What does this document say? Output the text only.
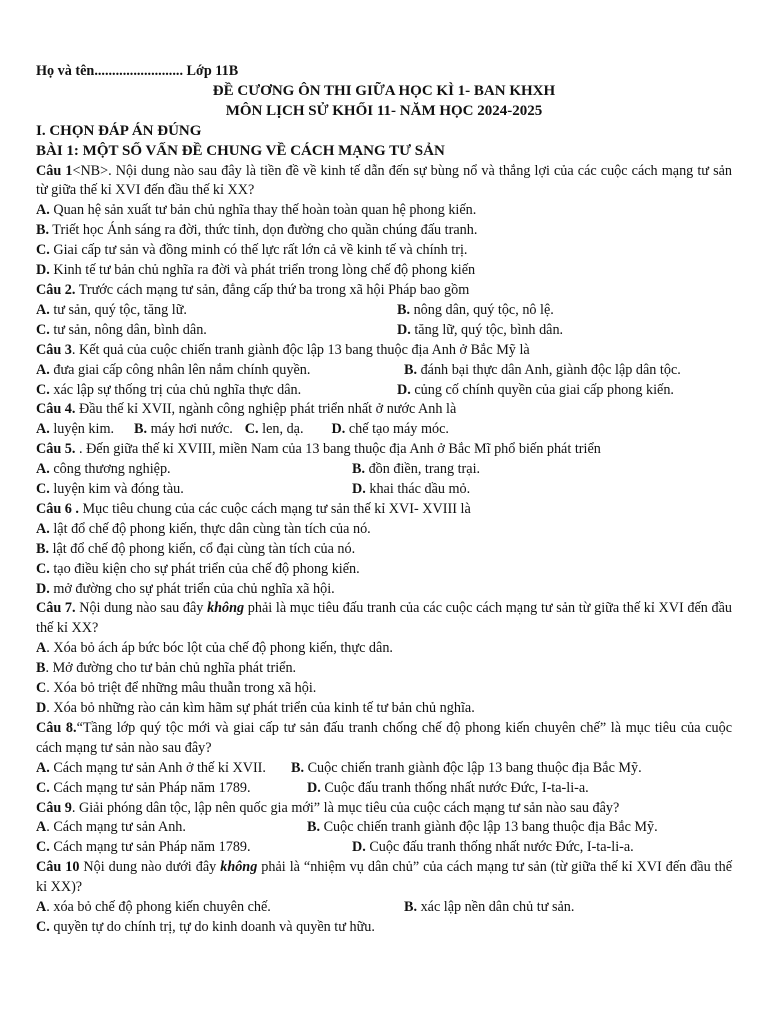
Họ và tên......................... Lớp 11B
ĐỀ CƯƠNG ÔN THI GIỮA HỌC KÌ 1- BAN KHXH
MÔN LỊCH SỬ KHỐI 11- NĂM HỌC 2024-2025
I. CHỌN ĐÁP ÁN ĐÚNG
BÀI 1: MỘT SỐ VẤN ĐỀ CHUNG VỀ CÁCH MẠNG TƯ SẢN
Câu 1<NB>. Nội dung nào sau đây là tiền đề về kinh tế dẫn đến sự bùng nổ và thắng lợi của các cuộc cách mạng tư sản từ giữa thế kỉ XVI đến đầu thế kỉ XX?
A. Quan hệ sản xuất tư bản chủ nghĩa thay thế hoàn toàn quan hệ phong kiến.
B. Triết học Ánh sáng ra đời, thức tỉnh, dọn đường cho quần chúng đấu tranh.
C. Giai cấp tư sản và đồng minh có thế lực rất lớn cả về kinh tế và chính trị.
D. Kinh tế tư bản chủ nghĩa ra đời và phát triển trong lòng chế độ phong kiến
Câu 2. Trước cách mạng tư sản, đẳng cấp thứ ba trong xã hội Pháp bao gồm
A. tư sản, quý tộc, tăng lữ.	B. nông dân, quý tộc, nô lệ.
C. tư sản, nông dân, bình dân.	D. tăng lữ, quý tộc, bình dân.
Câu 3. Kết quả của cuộc chiến tranh giành độc lập 13 bang thuộc địa Anh ở Bắc Mỹ là
A. đưa giai cấp công nhân lên nắm chính quyền.	B. đánh bại thực dân Anh, giành độc lập dân tộc.
C. xác lập sự thống trị của chủ nghĩa thực dân.	D. củng cố chính quyền của giai cấp phong kiến.
Câu 4. Đầu thế kỉ XVII, ngành công nghiệp phát triển nhất ở nước Anh là
A. luyện kim. B. máy hơi nước. C. len, dạ. D. chế tạo máy móc.
Câu 5. . Đến giữa thế kỉ XVIII, miền Nam của 13 bang thuộc địa Anh ở Bắc Mĩ phổ biến phát triển
A. công thương nghiệp.	B. đồn điền, trang trại.
C. luyện kim và đóng tàu.	D. khai thác dầu mỏ.
Câu 6 . Mục tiêu chung của các cuộc cách mạng tư sản thế kỉ XVI- XVIII là
A. lật đổ chế độ phong kiến, thực dân cùng tàn tích của nó.
B. lật đổ chế độ phong kiến, cổ đại cùng tàn tích của nó.
C. tạo điều kiện cho sự phát triển của chế độ phong kiến.
D. mở đường cho sự phát triển của chủ nghĩa xã hội.
Câu 7. Nội dung nào sau đây không phải là mục tiêu đấu tranh của các cuộc cách mạng tư sản từ giữa thế kỉ XVI đến đầu thế kỉ XX?
A. Xóa bỏ ách áp bức bóc lột của chế độ phong kiến, thực dân.
B. Mở đường cho tư bản chủ nghĩa phát triển.
C. Xóa bỏ triệt để những mâu thuẫn trong xã hội.
D. Xóa bỏ những rào cản kìm hãm sự phát triển của kinh tế tư bản chủ nghĩa.
Câu 8.“Tầng lớp quý tộc mới và giai cấp tư sản đấu tranh chống chế độ phong kiến chuyên chế” là mục tiêu của cuộc cách mạng tư sản nào sau đây?
A. Cách mạng tư sản Anh ở thế kỉ XVII.	B. Cuộc chiến tranh giành độc lập 13 bang thuộc địa Bắc Mỹ.
C. Cách mạng tư sản Pháp năm 1789.	D. Cuộc đấu tranh thống nhất nước Đức, I-ta-li-a.
Câu 9. Giải phóng dân tộc, lập nên quốc gia mới” là mục tiêu của cuộc cách mạng tư sản nào sau đây?
A. Cách mạng tư sản Anh.	B. Cuộc chiến tranh giành độc lập 13 bang thuộc địa Bắc Mỹ.
C. Cách mạng tư sản Pháp năm 1789.	D. Cuộc đấu tranh thống nhất nước Đức, I-ta-li-a.
Câu 10 Nội dung nào dưới đây không phải là “nhiệm vụ dân chủ” của cách mạng tư sản (từ giữa thế kỉ XVI đến đầu thế kỉ XX)?
A. xóa bỏ chế độ phong kiến chuyên chế.	B. xác lập nền dân chủ tư sản.
C. quyền tự do chính trị, tự do kinh doanh và quyền tư hữu.
